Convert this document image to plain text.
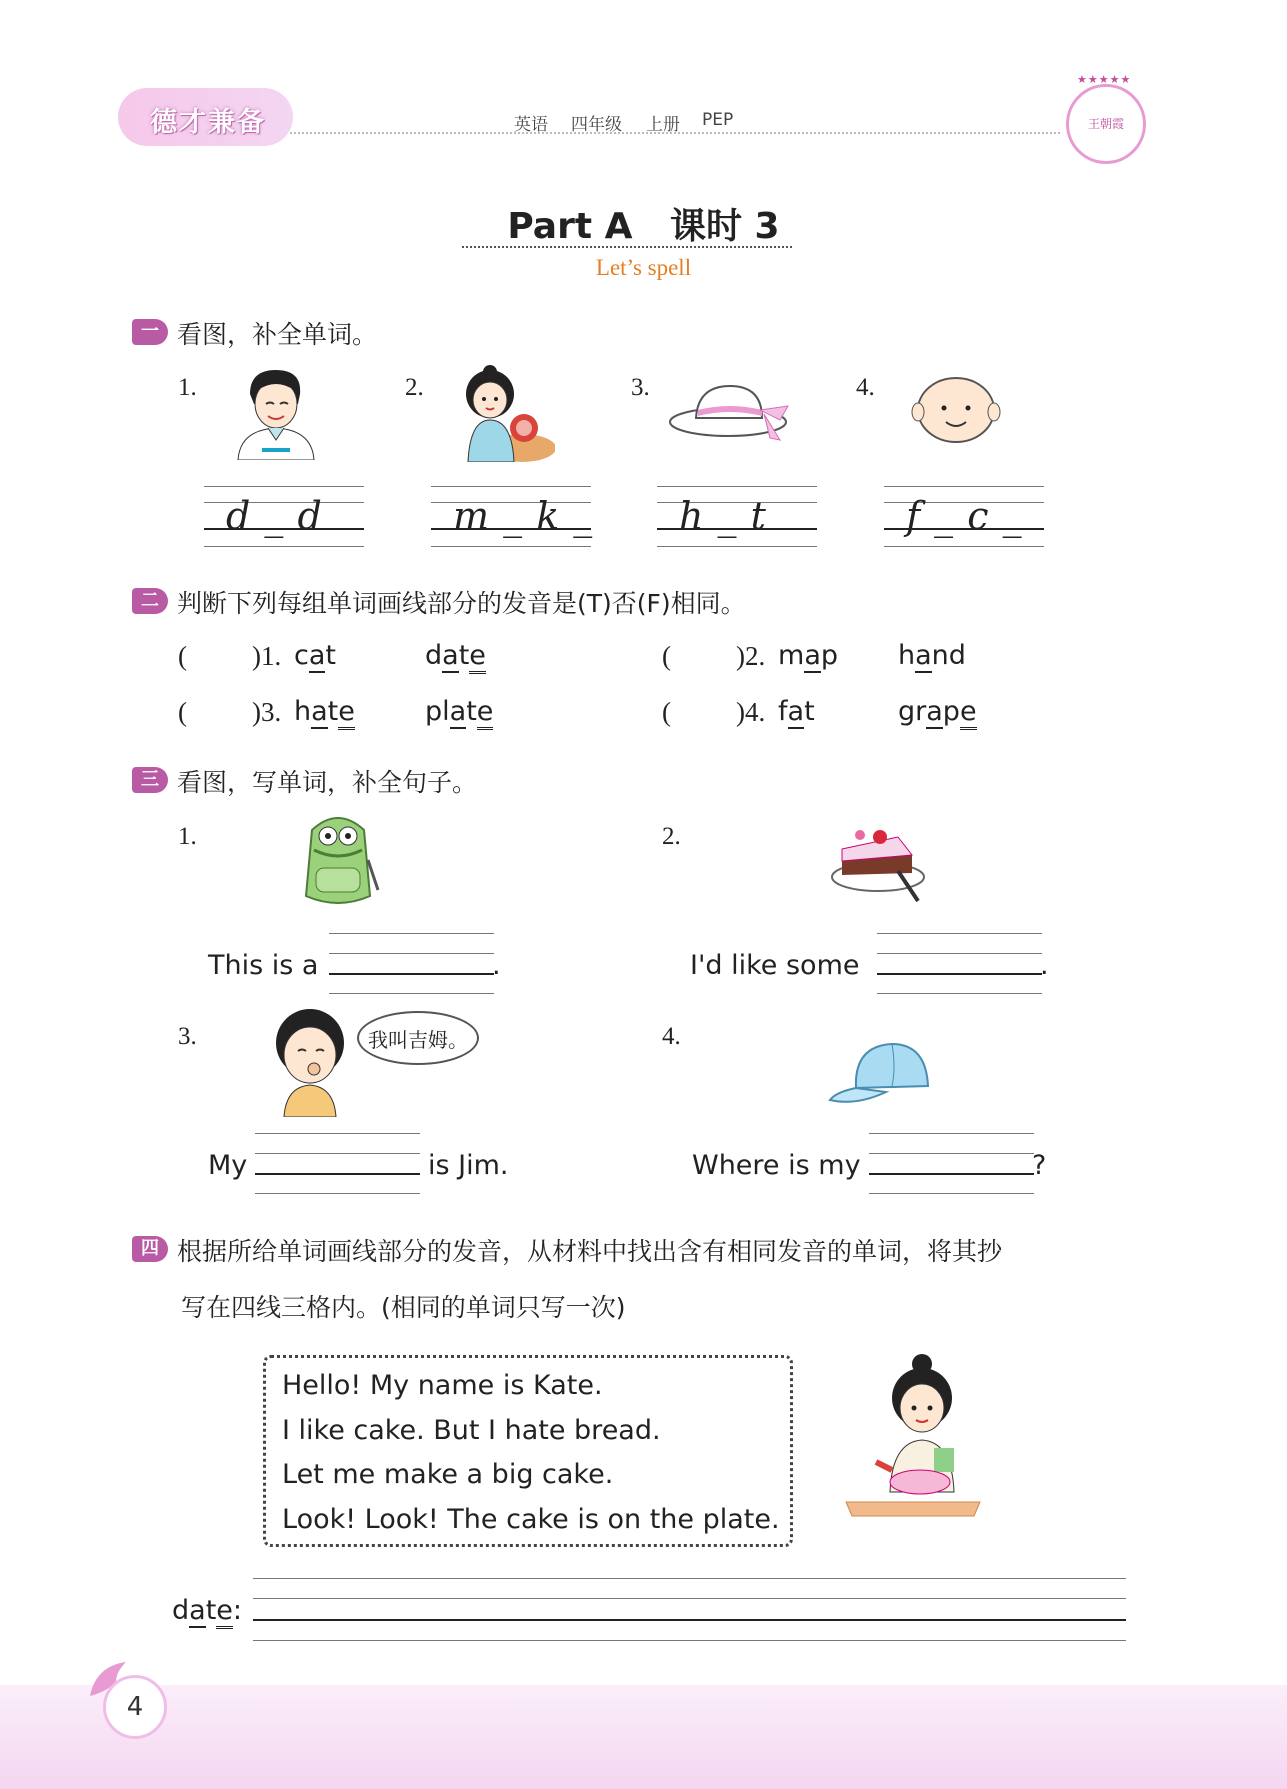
德才兼备	英语 四年级 上册 PEP
★★★★★
王朝霞
Part A   课时 3
Let’s spell
一 看图，补全单词。
1.
d _ d
2.
m _ k _
3.
h _ t
4.
f _ c _
二 判断下列每组单词画线部分的发音是(T)否(F)相同。
( )1. cat	date	( )2. map hand
( )3. hate	plate	( )4. fat	grape
三 看图，写单词，补全句子。
1.
This is a	.
2.
I'd like some	.
3.	我叫吉姆。
My	is Jim.
4.
Where is my	?
四 根据所给单词画线部分的发音，从材料中找出含有相同发音的单词，将其抄
写在四线三格内。(相同的单词只写一次)
Hello! My name is Kate.
I like cake. But I hate bread.
Let me make a big cake.
Look! Look! The cake is on the plate.
date:
4
